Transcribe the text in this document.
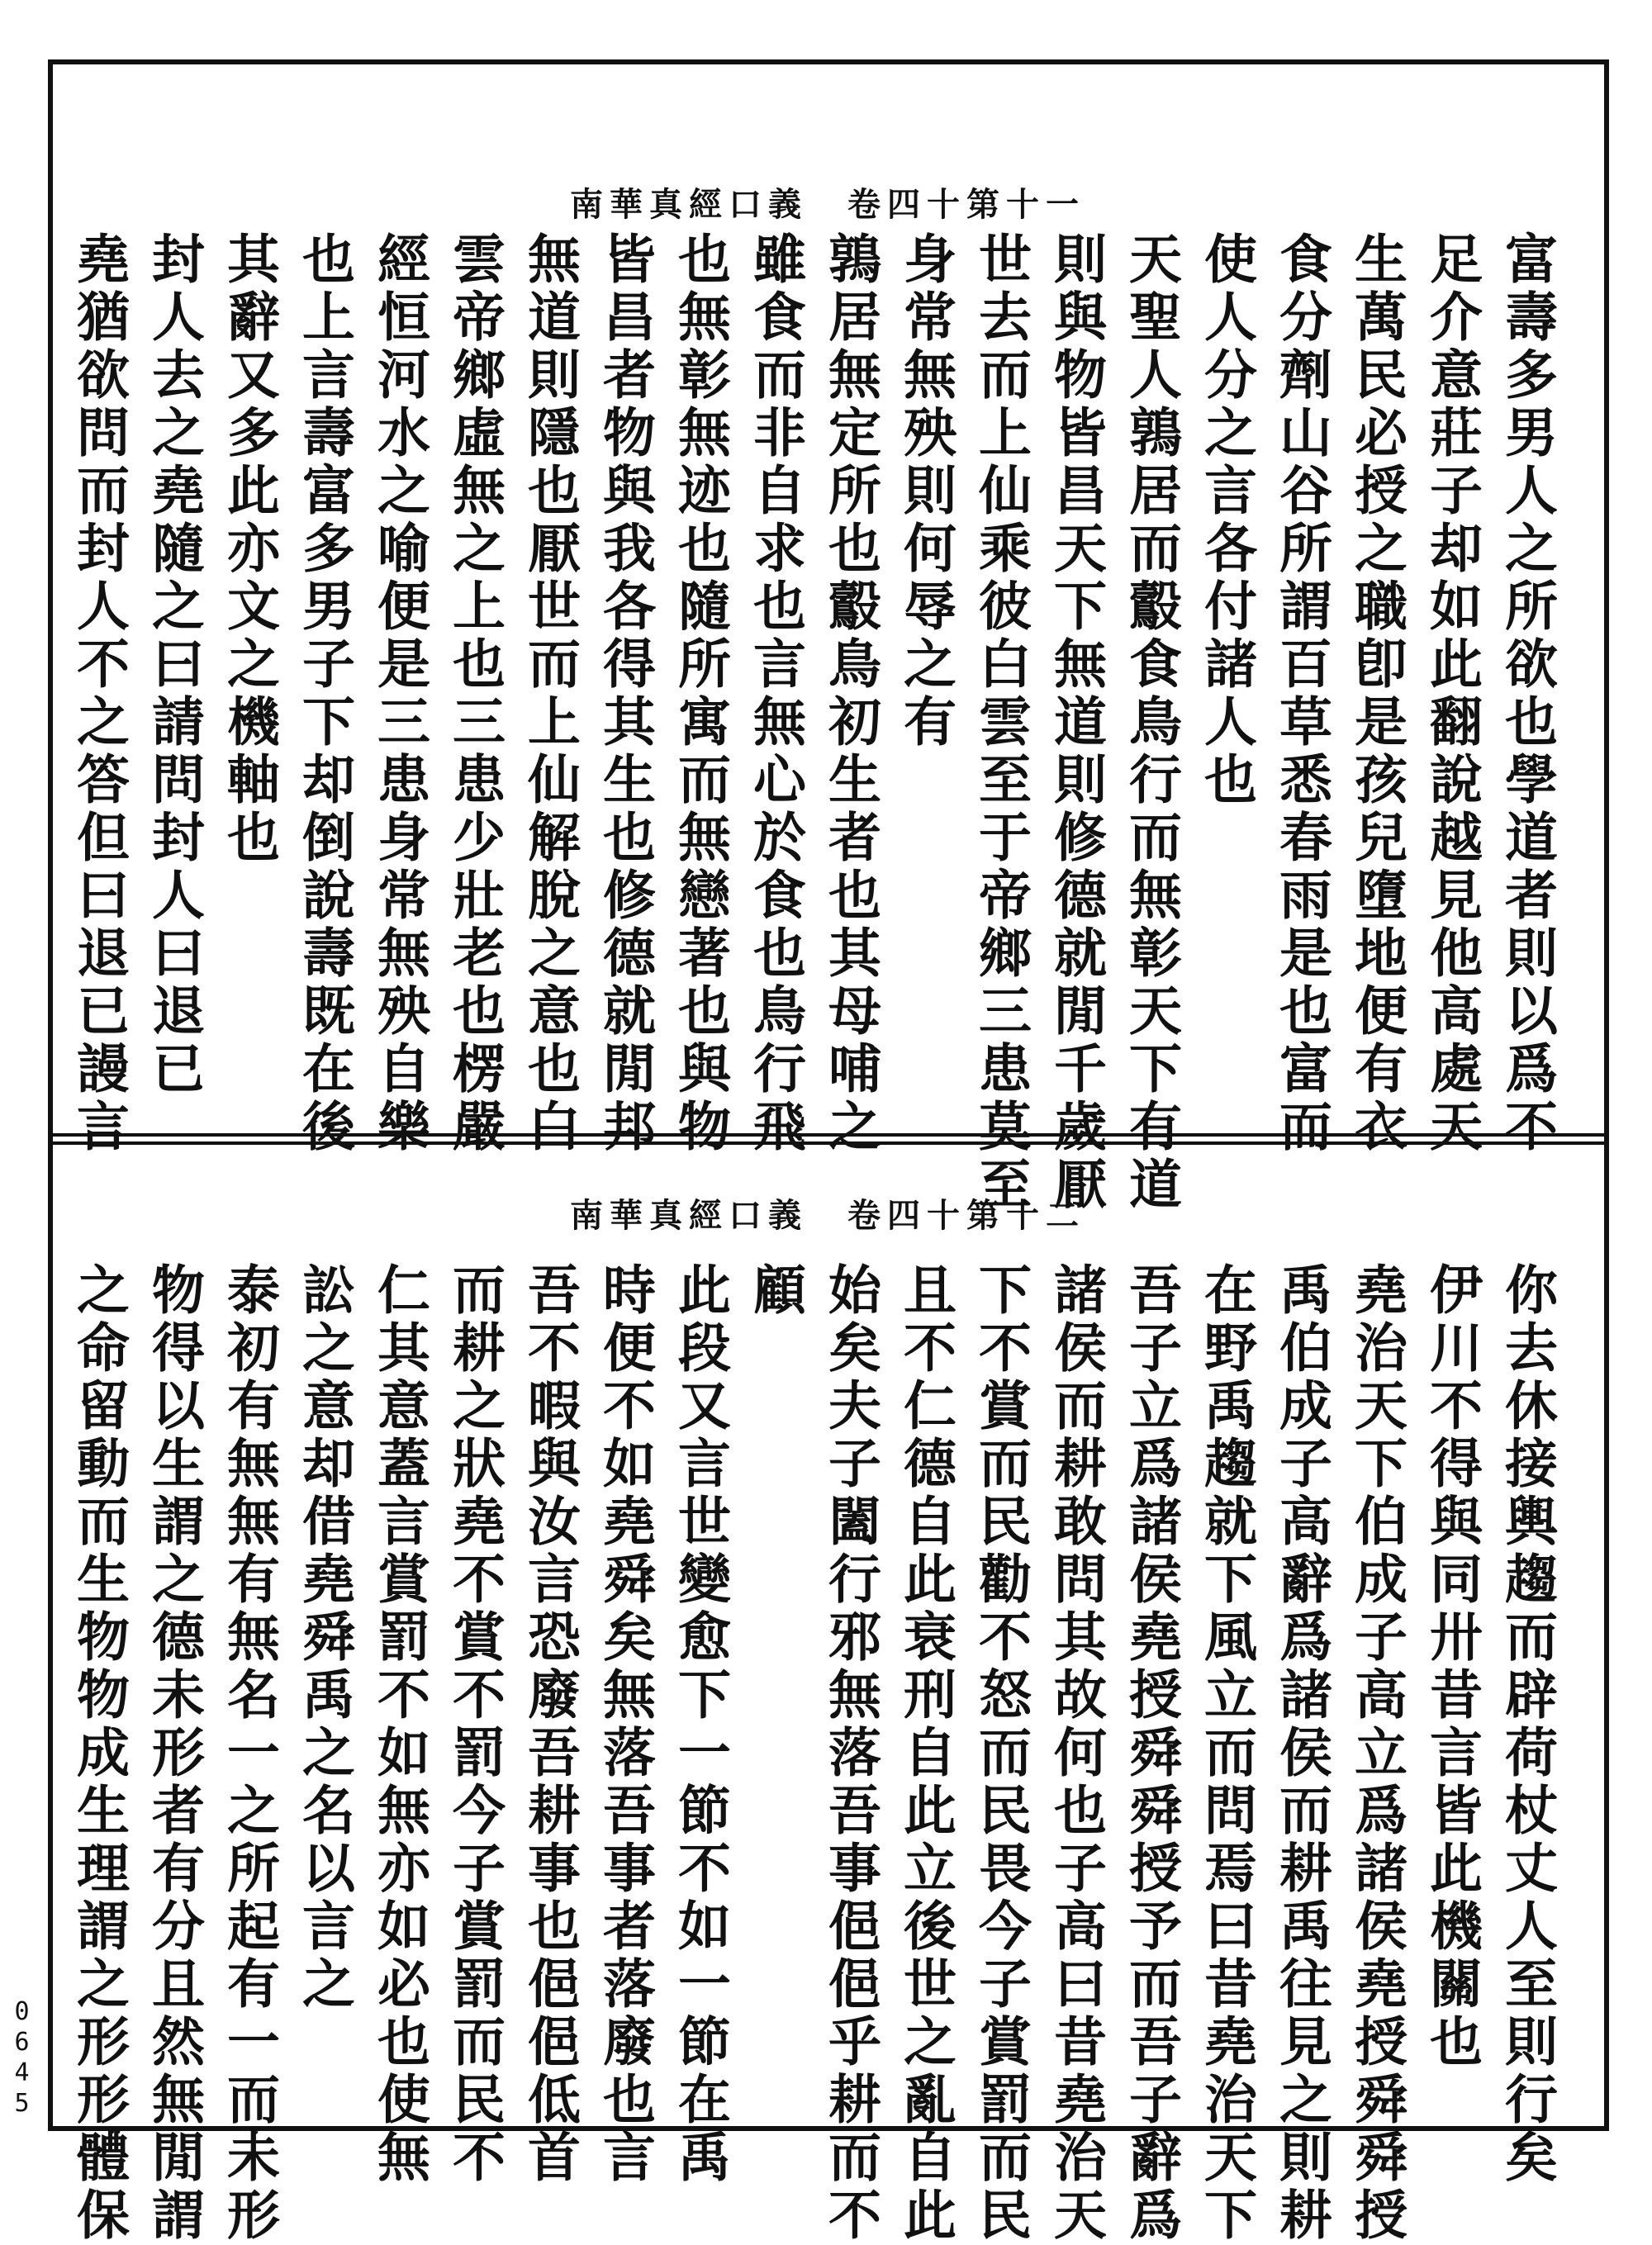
南華真經口義　卷四十第十一
富壽多男人之所欲也學道者則以爲不
足介意莊子却如此翻說越見他高處天
生萬民必授之職卽是孩兒墮地便有衣
食分劑山谷所謂百草悉春雨是也富而
使人分之言各付諸人也
天聖人鶉居而鷇食鳥行而無彰天下有道
則與物皆昌天下無道則修德就閒千歲厭
世去而上仙乘彼白雲至于帝鄉三患莫至
身常無殃則何辱之有
鶉居無定所也鷇鳥初生者也其母哺之
雖食而非自求也言無心於食也鳥行飛
也無彰無迹也隨所寓而無戀著也與物
皆昌者物與我各得其生也修德就閒邦
無道則隱也厭世而上仙解脫之意也白
雲帝鄉虛無之上也三患少壯老也楞嚴
經恒河水之喻便是三患身常無殃自樂
也上言壽富多男子下却倒說壽既在後
其辭又多此亦文之機軸也
封人去之堯隨之曰請問封人曰退已
堯猶欲問而封人不之答但曰退已謾言
南華真經口義　卷四十第十二
你去休接輿趨而辟荷杖丈人至則行矣
伊川不得與同卅昔言皆此機關也
堯治天下伯成子高立爲諸侯堯授舜舜授
禹伯成子高辭爲諸侯而耕禹往見之則耕
在野禹趨就下風立而問焉曰昔堯治天下
吾子立爲諸侯堯授舜舜授予而吾子辭爲
諸侯而耕敢問其故何也子高曰昔堯治天
下不賞而民勸不怒而民畏今子賞罰而民
且不仁德自此衰刑自此立後世之亂自此
始矣夫子闔行邪無落吾事俋俋乎耕而不
顧
此段又言世變愈下一節不如一節在禹
時便不如堯舜矣無落吾事者落廢也言
吾不暇與汝言恐廢吾耕事也俋俋低首
而耕之狀堯不賞不罰今子賞罰而民不
仁其意蓋言賞罰不如無亦如必也使無
訟之意却借堯舜禹之名以言之
泰初有無無有無名一之所起有一而未形
物得以生謂之德未形者有分且然無閒謂
之命留動而生物物成生理謂之形形體保
0645
